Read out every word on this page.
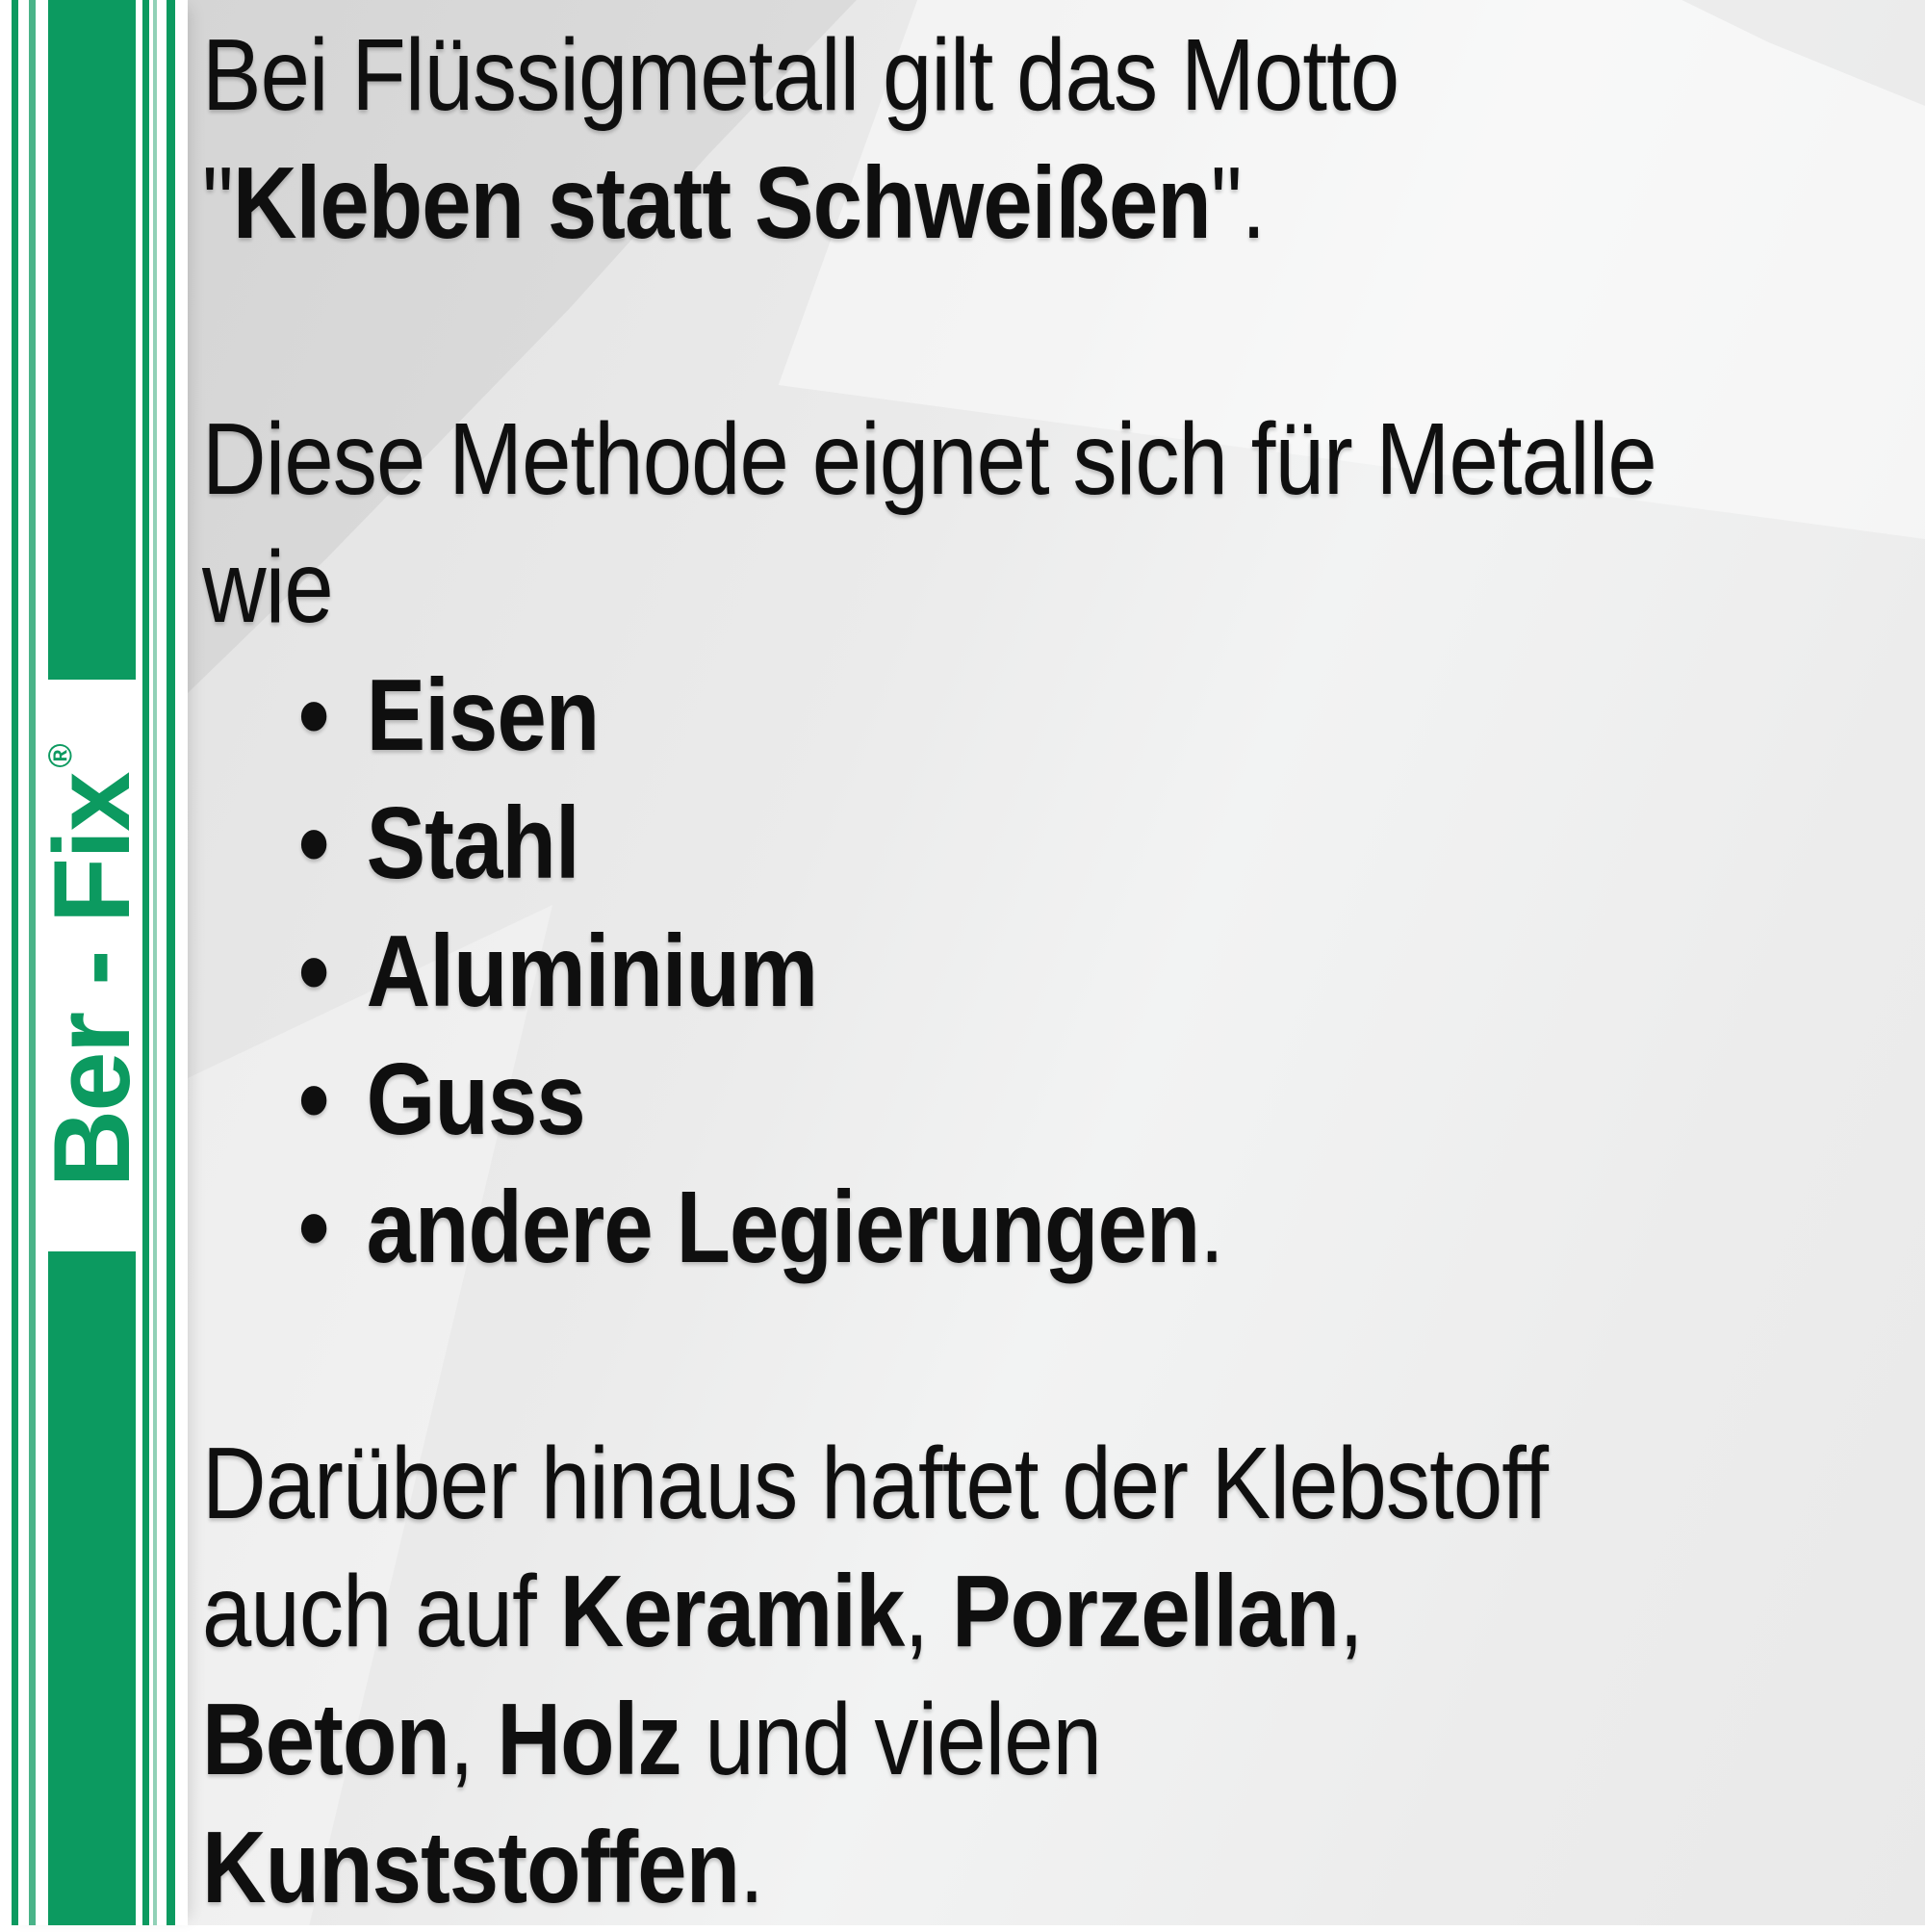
Ber - Fix
®
Bei Flüssigmetall gilt das Motto
"Kleben statt Schweißen".
Diese Methode eignet sich für Metalle
wie
• Eisen
• Stahl
• Aluminium
• Guss
• andere Legierungen.
Darüber hinaus haftet der Klebstoff
auch auf Keramik, Porzellan,
Beton, Holz und vielen
Kunststoffen.
